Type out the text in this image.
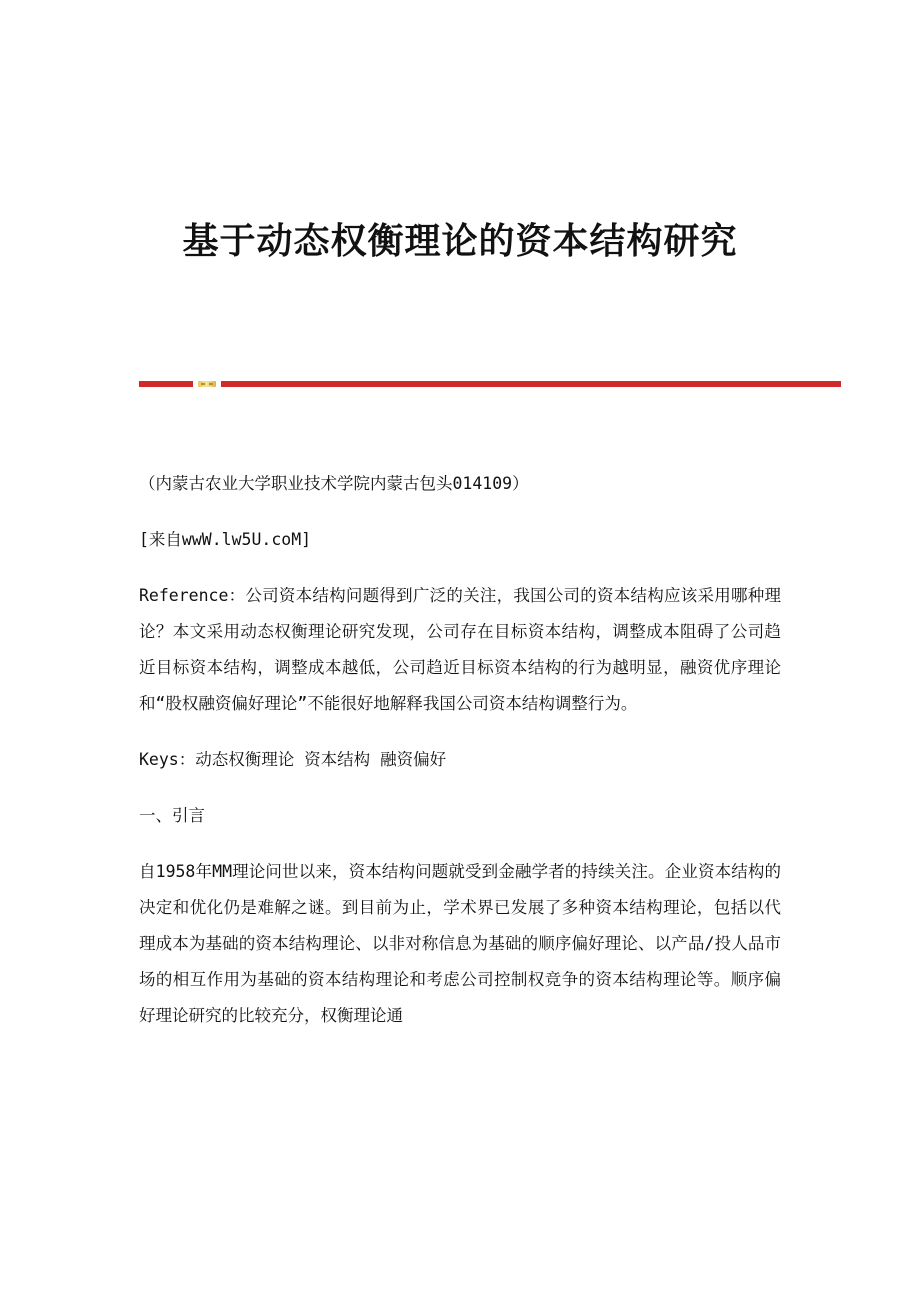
基于动态权衡理论的资本结构研究

（内蒙古农业大学职业技术学院内蒙古包头014109）

[来自wwW.lw5U.coM]

Reference：公司资本结构问题得到广泛的关注，我国公司的资本结构应该采用哪种理论？本文采用动态权衡理论研究发现，公司存在目标资本结构，调整成本阻碍了公司趋近目标资本结构，调整成本越低，公司趋近目标资本结构的行为越明显，融资优序理论和“股权融资偏好理论”不能很好地解释我国公司资本结构调整行为。

Keys：动态权衡理论 资本结构 融资偏好

一、引言

自1958年MM理论问世以来，资本结构问题就受到金融学者的持续关注。企业资本结构的决定和优化仍是难解之谜。到目前为止，学术界已发展了多种资本结构理论，包括以代理成本为基础的资本结构理论、以非对称信息为基础的顺序偏好理论、以产品/投人品市场的相互作用为基础的资本结构理论和考虑公司控制权竞争的资本结构理论等。顺序偏好理论研究的比较充分，权衡理论通
